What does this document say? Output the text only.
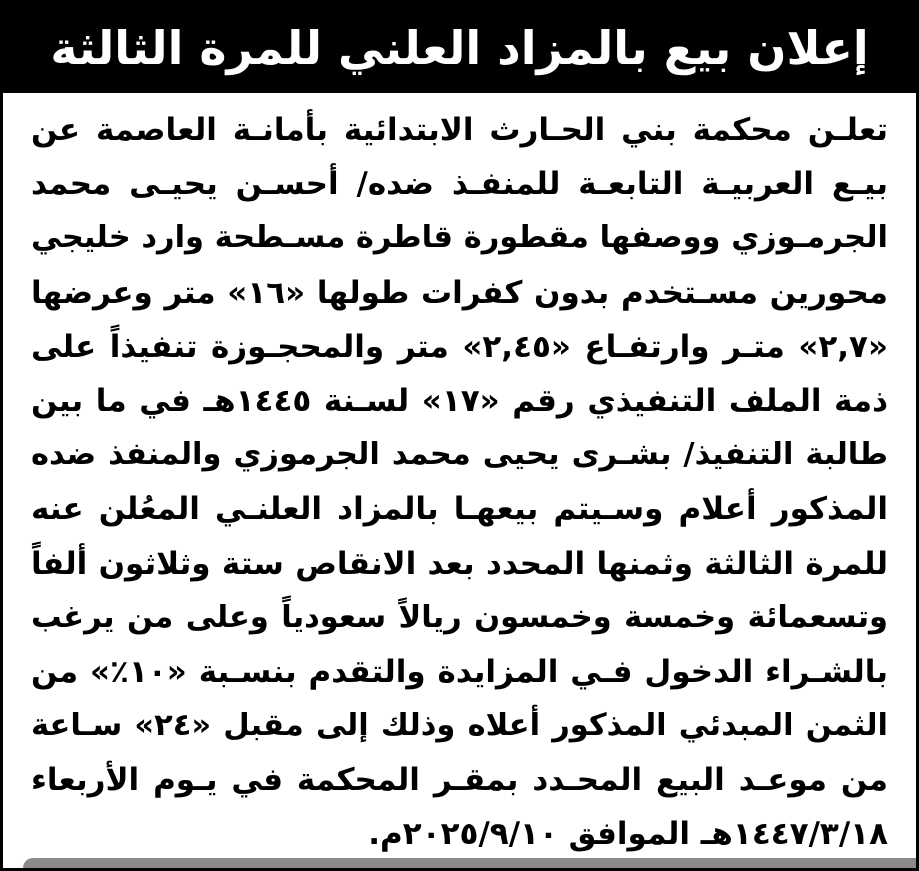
إعلان بيع بالمزاد العلني للمرة الثالثة
تعلـن محكمة بني الحـارث الابتدائية بأمانـة العاصمة عن
بيـع العربيـة التابعـة للمنفـذ ضده/ أحسـن يحيـى محمد
الجرمـوزي ووصفها مقطورة قاطرة مسـطحة وارد خليجي
محورين مسـتخدم بدون كفرات طولها «١٦» متر وعرضها
«٢,٧» متـر وارتفـاع «٢,٤٥» متر والمحجـوزة تنفيذاً على
ذمة الملف التنفيذي رقم «١٧» لسـنة ١٤٤٥هـ في ما بين
طالبة التنفيذ/ بشـرى يحيى محمد الجرموزي والمنفذ ضده
المذكور أعلام وسـيتم بيعهـا بالمزاد العلنـي المعُلن عنه
للمرة الثالثة وثمنها المحدد بعد الانقاص ستة وثلاثون ألفاً
وتسعمائة وخمسة وخمسون ريالاً سعودياً وعلى من يرغب
بالشـراء الدخول فـي المزايدة والتقدم بنسـبة «١٠٪» من
الثمن المبدئي المذكور أعلاه وذلك إلى مقبل «٢٤» سـاعة
من موعـد البيع المحـدد بمقـر المحكمة في يـوم الأربعاء
١٤٤٧/٣/١٨هـ الموافق ٢٠٢٥/٩/١٠م.
